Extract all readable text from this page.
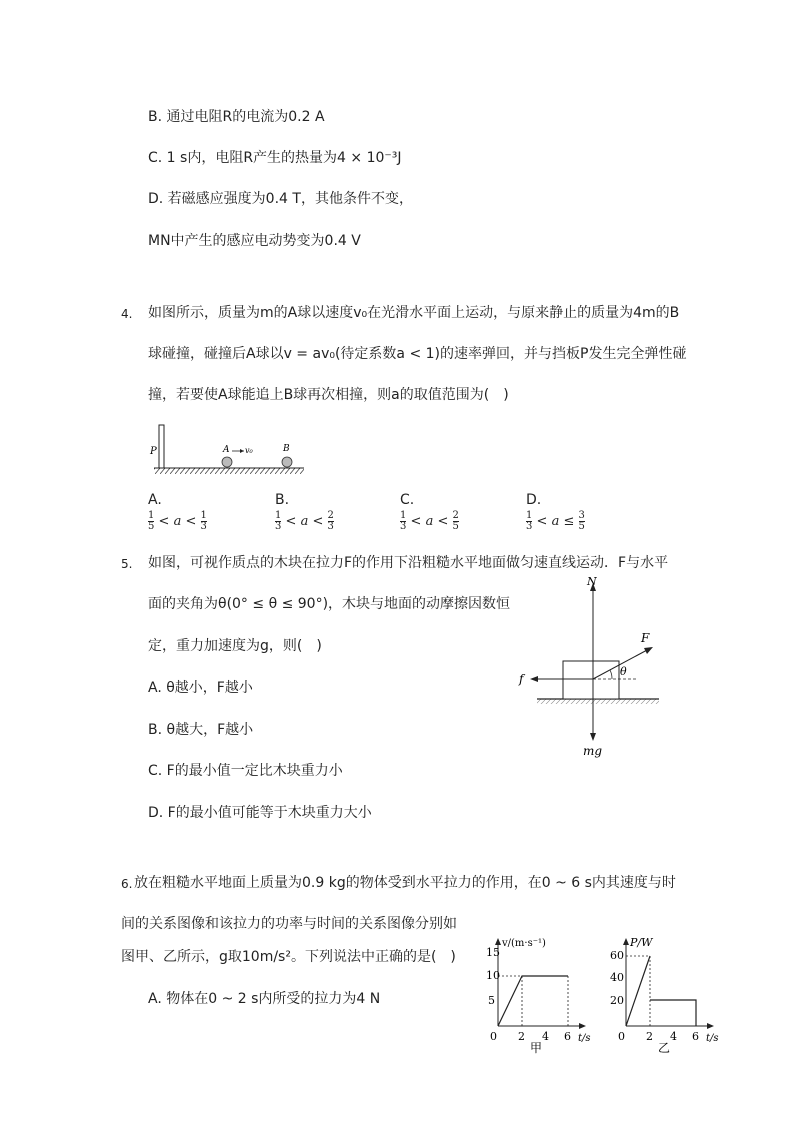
B. 通过电阻R的电流为0.2 A
C. 1 s内，电阻R产生的热量为4 × 10⁻³J
D. 若磁感应强度为0.4 T，其他条件不变，
MN中产生的感应电动势变为0.4 V
4. 如图所示，质量为m的A球以速度v₀在光滑水平面上运动，与原来静止的质量为4m的B
球碰撞，碰撞后A球以v = av₀(待定系数a < 1)的速率弹回，并与挡板P发生完全弹性碰
撞，若要使A球能追上B球再次相撞，则a的取值范围为(　)
P	A v₀	B
A.
$\frac{1}{5} < a < \frac{1}{3}$
B.
$\frac{1}{3} < a < \frac{2}{3}$
C.
$\frac{1}{3} < a < \frac{2}{5}$
D.
$\frac{1}{3} < a \le \frac{3}{5}$
5. 如图，可视作质点的木块在拉力F的作用下沿粗糙水平地面做匀速直线运动．F与水平
面的夹角为θ(0° ≤ θ ≤ 90°)，木块与地面的动摩擦因数恒
定，重力加速度为g，则(　)
A. θ越小，F越小
B. θ越大，F越小
C. F的最小值一定比木块重力小
D. F的最小值可能等于木块重力大小
N
mg
f
F
θ
6. 放在粗糙水平地面上质量为0.9 kg的物体受到水平拉力的作用，在0 ~ 6 s内其速度与时
间的关系图像和该拉力的功率与时间的关系图像分别如
图甲、乙所示，g取10m/s²。下列说法中正确的是(　)
A. 物体在0 ~ 2 s内所受的拉力为4 N
v/(m·s⁻¹)
t/s
15
10
5
0 2 4 6
甲
P/W
t/s
60
40
20
0 2 4 6
乙
